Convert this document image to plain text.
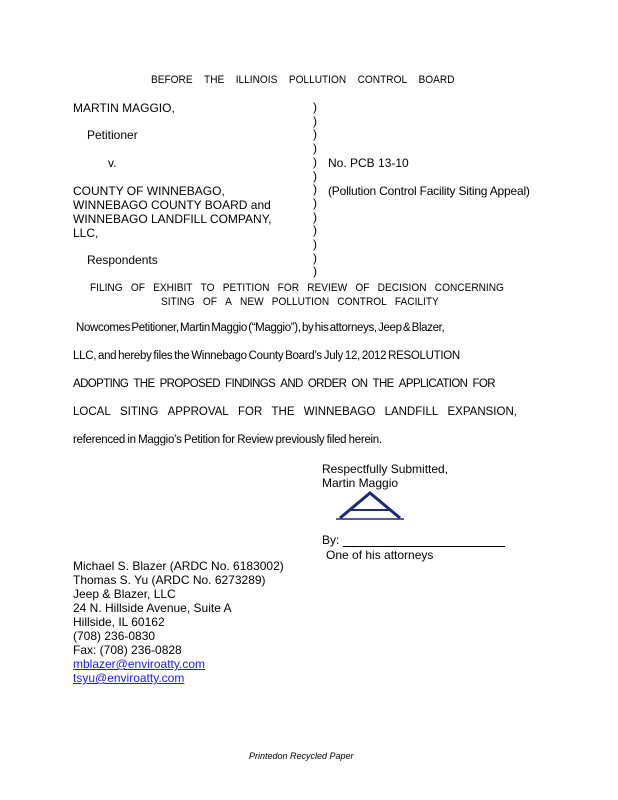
BEFORE THE ILLINOIS POLLUTION CONTROL BOARD
MARTIN MAGGIO,
Petitioner
v.
COUNTY OF WINNEBAGO,
WINNEBAGO COUNTY BOARD and
WINNEBAGO LANDFILL COMPANY,
LLC,
Respondents
)
)
)
)
)
)
)
)
)
)
)
)
)
No. PCB 13-10
(Pollution Control Facility Siting Appeal)
FILING OF EXHIBIT TO PETITION FOR REVIEW OF DECISION CONCERNING
SITING OF A NEW POLLUTION CONTROL FACILITY
Nowcomes Petitioner, Martin Maggio (“Maggio”), by his attorneys, Jeep & Blazer,
LLC, and hereby files the Winnebago County Board’s July 12, 2012 RESOLUTION
ADOPTING THE PROPOSED FINDINGS AND ORDER ON THE APPLICATION FOR
LOCAL SITING APPROVAL FOR THE WINNEBAGO LANDFILL EXPANSION,
referenced in Maggio’s Petition for Review previously filed herein.
Respectfully Submitted,
Martin Maggio
By:
One of his attorneys
Michael S. Blazer (ARDC No. 6183002)
Thomas S. Yu (ARDC No. 6273289)
Jeep & Blazer, LLC
24 N. Hillside Avenue, Suite A
Hillside, IL 60162
(708) 236-0830
Fax: (708) 236-0828
mblazer@enviroatty.com
tsyu@enviroatty.com
Printedon Recycled Paper
